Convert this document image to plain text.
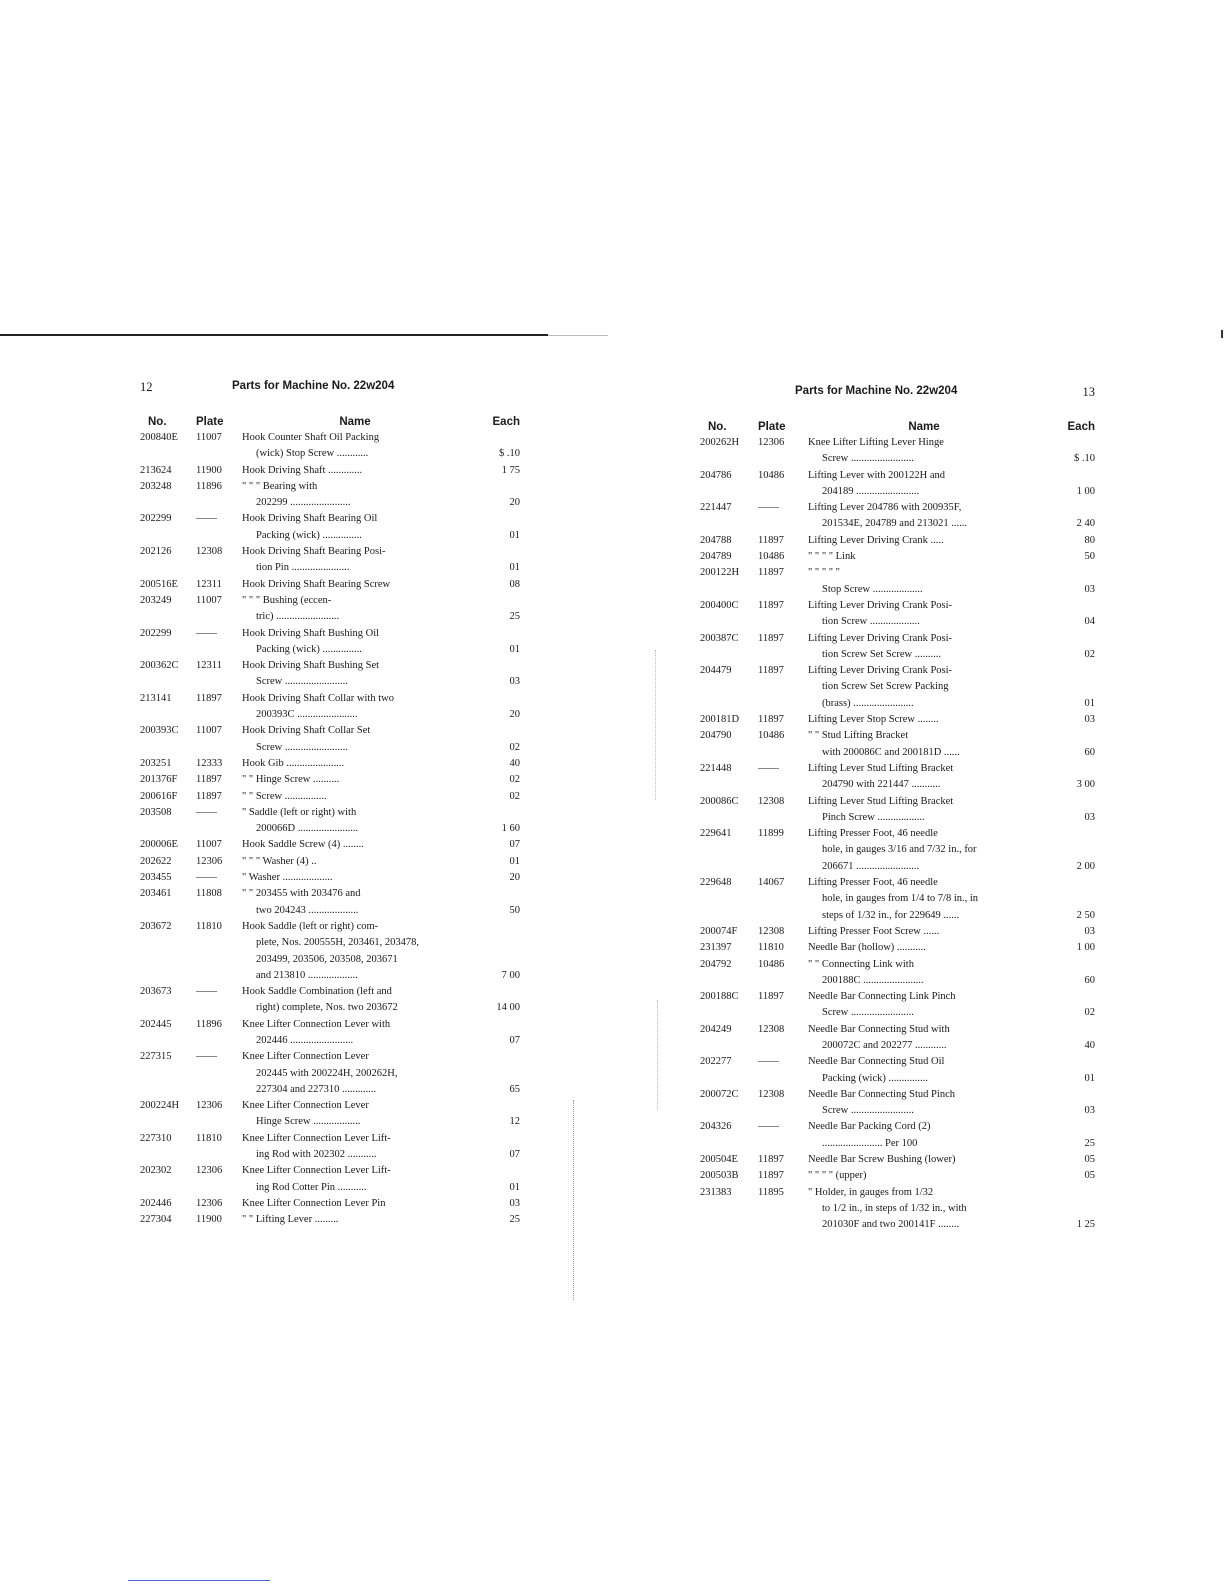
12	Parts for Machine No. 22w204
No.	Plate	Name	Each
200840E	11007	Hook Counter Shaft Oil Packing
(wick) Stop Screw ............	$ .10
213624	11900	Hook Driving Shaft .............	1 75
203248	11896	" " " Bearing with
202299 .......................	20
202299	——	Hook Driving Shaft Bearing Oil
Packing (wick) ...............	01
202126	12308	Hook Driving Shaft Bearing Posi-
tion Pin ......................	01
200516E	12311	Hook Driving Shaft Bearing Screw	08
203249	11007	" " " Bushing (eccen-
tric) ........................	25
202299	——	Hook Driving Shaft Bushing Oil
Packing (wick) ...............	01
200362C	12311	Hook Driving Shaft Bushing Set
Screw ........................	03
213141	11897	Hook Driving Shaft Collar with two
200393C .......................	20
200393C	11007	Hook Driving Shaft Collar Set
Screw ........................	02
203251	12333	Hook Gib ......................	40
201376F	11897	" " Hinge Screw ..........	02
200616F	11897	" " Screw ................	02
203508	——	" Saddle (left or right) with
200066D .......................	1 60
200006E	11007	Hook Saddle Screw (4) ........	07
202622	12306	" " " Washer (4) ..	01
203455	——	" Washer ...................	20
203461	11808	" " 203455 with 203476 and
two 204243 ...................	50
203672	11810	Hook Saddle (left or right) com-
plete, Nos. 200555H, 203461, 203478,
203499, 203506, 203508, 203671
and 213810 ...................	7 00
203673	——	Hook Saddle Combination (left and
right) complete, Nos. two 203672	14 00
202445	11896	Knee Lifter Connection Lever with
202446 ........................	07
227315	——	Knee Lifter Connection Lever
202445 with 200224H, 200262H,
227304 and 227310 .............	65
200224H	12306	Knee Lifter Connection Lever
Hinge Screw ..................	12
227310	11810	Knee Lifter Connection Lever Lift-
ing Rod with 202302 ...........	07
202302	12306	Knee Lifter Connection Lever Lift-
ing Rod Cotter Pin ...........	01
202446	12306	Knee Lifter Connection Lever Pin	03
227304	11900	" " Lifting Lever .........	25
Parts for Machine No. 22w204	13
No.	Plate	Name	Each
200262H	12306	Knee Lifter Lifting Lever Hinge
Screw ........................	$ .10
204786	10486	Lifting Lever with 200122H and
204189 ........................	1 00
221447	——	Lifting Lever 204786 with 200935F,
201534E, 204789 and 213021 ......	2 40
204788	11897	Lifting Lever Driving Crank .....	80
204789	10486	" " " " Link	50
200122H	11897	" " " " "
Stop Screw ...................	03
200400C	11897	Lifting Lever Driving Crank Posi-
tion Screw ...................	04
200387C	11897	Lifting Lever Driving Crank Posi-
tion Screw Set Screw ..........	02
204479	11897	Lifting Lever Driving Crank Posi-
tion Screw Set Screw Packing
(brass) .......................	01
200181D	11897	Lifting Lever Stop Screw ........	03
204790	10486	" " Stud Lifting Bracket
with 200086C and 200181D ......	60
221448	——	Lifting Lever Stud Lifting Bracket
204790 with 221447 ...........	3 00
200086C	12308	Lifting Lever Stud Lifting Bracket
Pinch Screw ..................	03
229641	11899	Lifting Presser Foot, 46 needle
hole, in gauges 3/16 and 7/32 in., for
206671 ........................	2 00
229648	14067	Lifting Presser Foot, 46 needle
hole, in gauges from 1/4 to 7/8 in., in
steps of 1/32 in., for 229649 ......	2 50
200074F	12308	Lifting Presser Foot Screw ......	03
231397	11810	Needle Bar (hollow) ...........	1 00
204792	10486	" " Connecting Link with
200188C .......................	60
200188C	11897	Needle Bar Connecting Link Pinch
Screw ........................	02
204249	12308	Needle Bar Connecting Stud with
200072C and 202277 ............	40
202277	——	Needle Bar Connecting Stud Oil
Packing (wick) ...............	01
200072C	12308	Needle Bar Connecting Stud Pinch
Screw ........................	03
204326	——	Needle Bar Packing Cord (2)
....................... Per 100	25
200504E	11897	Needle Bar Screw Bushing (lower)	05
200503B	11897	" " " " (upper)	05
231383	11895	" Holder, in gauges from 1/32
to 1/2 in., in steps of 1/32 in., with
201030F and two 200141F ........	1 25
